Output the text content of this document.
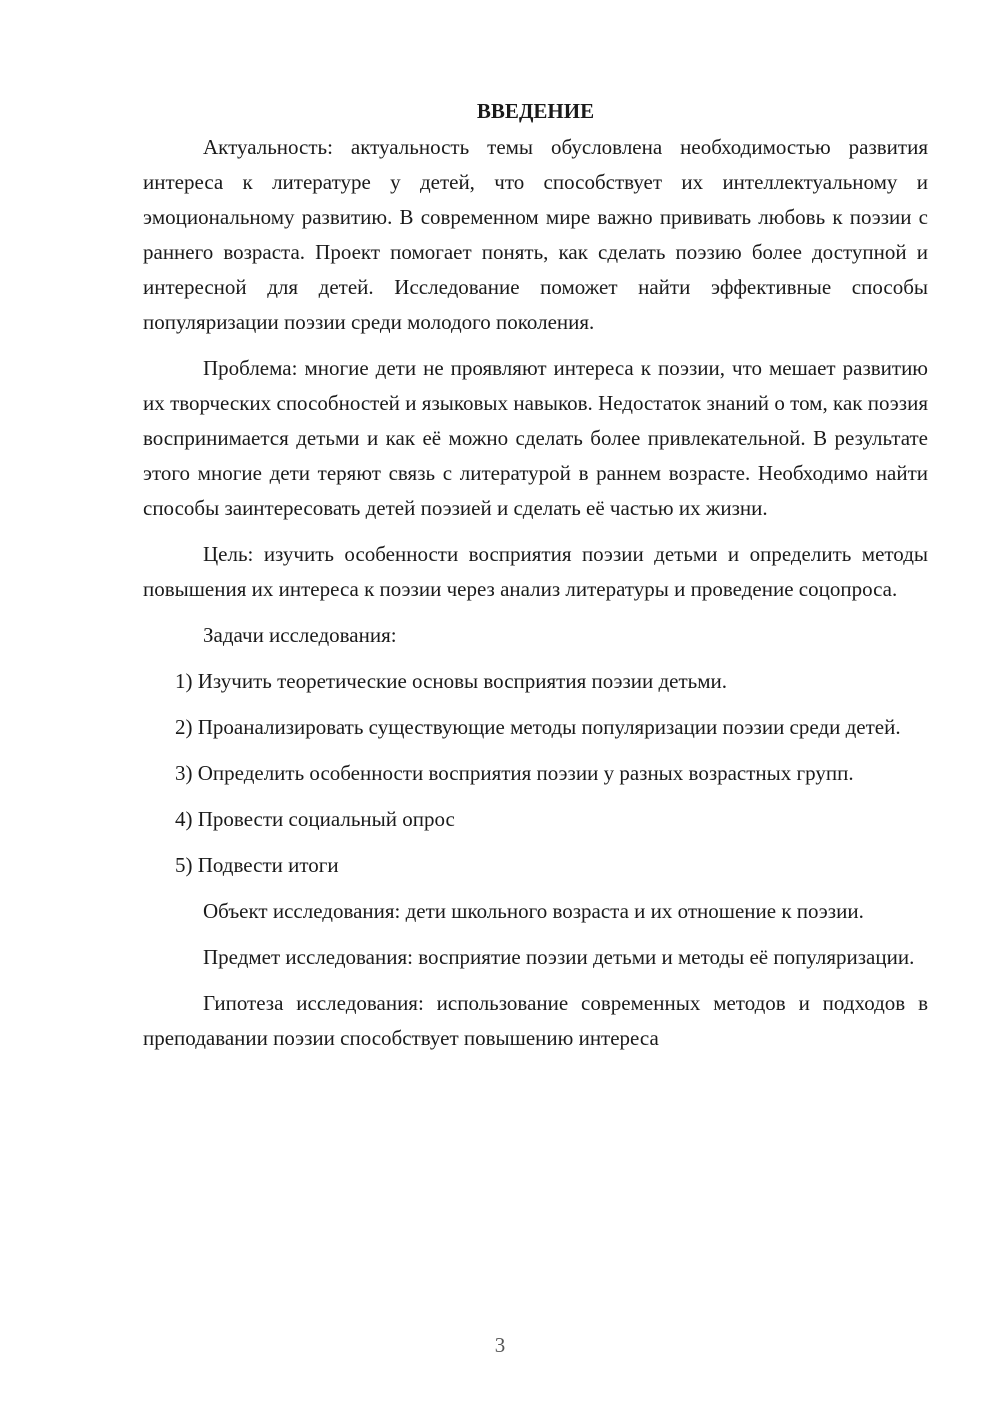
ВВЕДЕНИЕ

Актуальность: актуальность темы обусловлена необходимостью развития интереса к литературе у детей, что способствует их интеллектуальному и эмоциональному развитию. В современном мире важно прививать любовь к поэзии с раннего возраста. Проект помогает понять, как сделать поэзию более доступной и интересной для детей. Исследование поможет найти эффективные способы популяризации поэзии среди молодого поколения.

Проблема: многие дети не проявляют интереса к поэзии, что мешает развитию их творческих способностей и языковых навыков. Недостаток знаний о том, как поэзия воспринимается детьми и как её можно сделать более привлекательной. В результате этого многие дети теряют связь с литературой в раннем возрасте. Необходимо найти способы заинтересовать детей поэзией и сделать её частью их жизни.

Цель: изучить особенности восприятия поэзии детьми и определить методы повышения их интереса к поэзии через анализ литературы и проведение соцопроса.

Задачи исследования:

1) Изучить теоретические основы восприятия поэзии детьми.

2) Проанализировать существующие методы популяризации поэзии среди детей.

3) Определить особенности восприятия поэзии у разных возрастных групп.

4) Провести социальный опрос

5) Подвести итоги

Объект исследования: дети школьного возраста и их отношение к поэзии.

Предмет исследования: восприятие поэзии детьми и методы её популяризации.

Гипотеза исследования: использование современных методов и подходов в преподавании поэзии способствует повышению интереса

3
